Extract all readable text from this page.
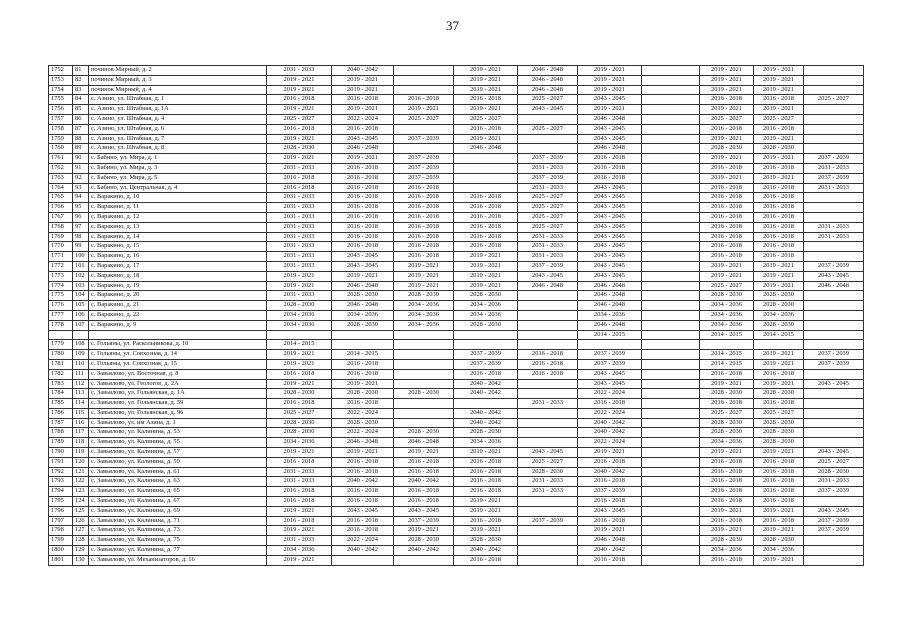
37
1752	81	починок Мирный, д. 2	2031 - 2033	2040 - 2042		2019 - 2021	2046 - 2048	2019 - 2021		2019 - 2021	2019 - 2021	
1753	82	починок Мирный, д. 3	2019 - 2021	2019 - 2021		2019 - 2021	2046 - 2048	2019 - 2021		2019 - 2021	2019 - 2021	
1754	83	починок Мирный, д. 4	2019 - 2021	2019 - 2021		2019 - 2021	2046 - 2048	2019 - 2021		2019 - 2021	2019 - 2021	
1755	84	с. Азино, ул. Штабная, д. 1	2016 - 2018	2016 - 2018	2016 - 2018	2016 - 2018	2025 - 2027	2043 - 2045		2016 - 2018	2016 - 2018	2025 - 2027
1756	85	с. Азино, ул. Штабная, д. 1А	2019 - 2021	2019 - 2021	2019 - 2021	2019 - 2021	2043 - 2045	2019 - 2021		2019 - 2021	2019 - 2021	
1757	86	с. Азино, ул. Штабная, д. 4	2025 - 2027	2022 - 2024	2025 - 2027	2025 - 2027		2046 - 2048		2025 - 2027	2025 - 2027	
1758	87	с. Азино, ул. Штабная, д. 6	2016 - 2018	2016 - 2018		2016 - 2018	2025 - 2027	2043 - 2045		2016 - 2018	2016 - 2018	
1759	88	с. Азино, ул. Штабная, д. 7	2019 - 2021	2043 - 2045	2037 - 2039	2019 - 2021		2043 - 2045		2019 - 2021	2019 - 2021	
1760	89	с. Азино, ул. Штабная, д. 8	2028 - 2030	2046 - 2048		2046 - 2048		2046 - 2048		2028 - 2030	2028 - 2030	
1761	90	с. Бабино, ул. Мира, д. 1	2019 - 2021	2019 - 2021	2037 - 2039		2037 - 2039	2016 - 2018		2019 - 2021	2019 - 2021	2037 - 2039
1762	91	с. Бабино, ул. Мира, д. 3	2031 - 2033	2016 - 2018	2037 - 2039		2031 - 2033	2016 - 2018		2016 - 2018	2016 - 2018	2031 - 2033
1763	92	с. Бабино, ул. Мира, д. 5	2016 - 2018	2016 - 2018	2037 - 2039		2037 - 2039	2016 - 2018		2019 - 2021	2019 - 2021	2037 - 2039
1764	93	с. Бабино, ул. Центральная, д. 4	2016 - 2018	2016 - 2018	2016 - 2018		2031 - 2033	2043 - 2045		2016 - 2018	2016 - 2018	2031 - 2033
1765	94	с. Варакино, д. 10	2031 - 2033	2016 - 2018	2016 - 2018	2016 - 2018	2025 - 2027	2043 - 2045		2016 - 2018	2016 - 2018	
1766	95	с. Варакино, д. 11	2031 - 2033	2016 - 2018	2016 - 2018	2016 - 2018	2025 - 2027	2043 - 2045		2016 - 2018	2016 - 2018	
1767	96	с. Варакино, д. 12	2031 - 2033	2016 - 2018	2016 - 2018	2016 - 2018	2025 - 2027	2043 - 2045		2016 - 2018	2016 - 2018	
1768	97	с. Варакино, д. 13	2031 - 2033	2016 - 2018	2016 - 2018	2016 - 2018	2025 - 2027	2043 - 2045		2016 - 2018	2016 - 2018	2031 - 2033
1769	98	с. Варакино, д. 14	2031 - 2033	2016 - 2018	2016 - 2018	2016 - 2018	2031 - 2033	2043 - 2045		2016 - 2018	2016 - 2018	2031 - 2033
1770	99	с. Варакино, д. 15	2031 - 2033	2016 - 2018	2016 - 2018	2016 - 2018	2031 - 2033	2043 - 2045		2016 - 2018	2016 - 2018	
1771	100	с. Варакино, д. 16	2031 - 2033	2043 - 2045	2016 - 2018	2019 - 2021	2031 - 2033	2043 - 2045		2016 - 2018	2016 - 2018	
1772	101	с. Варакино, д. 17	2031 - 2033	2043 - 2045	2019 - 2021	2019 - 2021	2037 - 2039	2043 - 2045		2019 - 2021	2019 - 2021	2037 - 2039
1773	102	с. Варакино, д. 18	2019 - 2021	2019 - 2021	2019 - 2021	2019 - 2021	2043 - 2045	2043 - 2045		2019 - 2021	2019 - 2021	2043 - 2045
1774	103	с. Варакино, д. 19	2019 - 2021	2046 - 2048	2019 - 2021	2019 - 2021	2046 - 2048	2046 - 2048		2025 - 2027	2019 - 2021	2046 - 2048
1775	104	с. Варакино, д. 20	2031 - 2033	2028 - 2030	2028 - 2030	2028 - 2030		2046 - 2048		2028 - 2030	2028 - 2030	
1776	105	с. Варакино, д. 21	2028 - 2030	2046 - 2048	2034 - 2036	2034 - 2036		2046 - 2048		2034 - 2036	2028 - 2030	
1777	106	с. Варакино, д. 22	2034 - 2036	2034 - 2036	2034 - 2036	2034 - 2036		2034 - 2036		2034 - 2036	2034 - 2036	
1778	107	с. Варакино, д. 9	2034 - 2036	2028 - 2030	2034 - 2036	2028 - 2030		2046 - 2048		2034 - 2036	2028 - 2030	
								2014 - 2015		2014 - 2015	2014 - 2015	
1779	108	с. Гольяны, ул. Раскольникова, д. 10	2014 - 2015									
1780	109	с. Гольяны, ул. Совхозная, д. 14	2019 - 2021	2014 - 2015		2037 - 2039	2016 - 2018	2037 - 2039		2014 - 2015	2019 - 2021	2037 - 2039
1781	110	с. Гольяны, ул. Совхозная, д. 15	2019 - 2021	2016 - 2018		2037 - 2039	2016 - 2018	2037 - 2039		2014 - 2015	2019 - 2021	2037 - 2039
1782	111	с. Завьялово, ул. Восточная, д. 8	2016 - 2018	2016 - 2018		2016 - 2018	2016 - 2018	2043 - 2045		2016 - 2018	2016 - 2018	
1783	112	с. Завьялово, ул. Геологов, д. 2А	2019 - 2021	2019 - 2021		2040 - 2042		2043 - 2045		2019 - 2021	2019 - 2021	2043 - 2045
1784	113	с. Завьялово, ул. Гольянская, д. 1А	2028 - 2030	2028 - 2030	2028 - 2030	2040 - 2042		2022 - 2024		2028 - 2030	2028 - 2030	
1785	114	с. Завьялово, ул. Гольянская, д. 59	2016 - 2018	2016 - 2018			2031 - 2033	2016 - 2018		2016 - 2018	2016 - 2018	
1786	115	с. Завьялово, ул. Гольянская, д. 96	2025 - 2027	2022 - 2024		2040 - 2042		2022 - 2024		2025 - 2027	2025 - 2027	
1787	116	с. Завьялово, ул. им Азина, д. 1	2028 - 2030	2028 - 2030		2040 - 2042		2040 - 2042		2028 - 2030	2028 - 2030	
1788	117	с. Завьялово, ул. Калинина, д. 53	2028 - 2030	2022 - 2024	2028 - 2030	2028 - 2030		2040 - 2042		2028 - 2030	2028 - 2030	
1789	118	с. Завьялово, ул. Калинина, д. 55	2034 - 2036	2046 - 2048	2046 - 2048	2034 - 2036		2022 - 2024		2034 - 2036	2028 - 2030	
1790	119	с. Завьялово, ул. Калинина, д. 57	2019 - 2021	2019 - 2021	2019 - 2021	2019 - 2021	2043 - 2045	2019 - 2021		2019 - 2021	2019 - 2021	2043 - 2045
1791	120	с. Завьялово, ул. Калинина, д. 59	2016 - 2018	2016 - 2018	2016 - 2018	2016 - 2018	2025 - 2027	2016 - 2018		2016 - 2018	2016 - 2018	2025 - 2027
1792	121	с. Завьялово, ул. Калинина, д. 61	2031 - 2033	2016 - 2018	2016 - 2018	2016 - 2018	2028 - 2030	2040 - 2042		2016 - 2018	2016 - 2018	2028 - 2030
1793	122	с. Завьялово, ул. Калинина, д. 63	2031 - 2033	2040 - 2042	2040 - 2042	2016 - 2018	2031 - 2033	2016 - 2018		2016 - 2018	2016 - 2018	2031 - 2033
1794	123	с. Завьялово, ул. Калинина, д. 65	2016 - 2018	2016 - 2018	2016 - 2018	2016 - 2018	2031 - 2033	2037 - 2039		2016 - 2018	2016 - 2018	2037 - 2039
1795	124	с. Завьялово, ул. Калинина, д. 67	2016 - 2018	2016 - 2018	2016 - 2018	2019 - 2021		2016 - 2018		2016 - 2018	2016 - 2018	
1796	125	с. Завьялово, ул. Калинина, д. 69	2019 - 2021	2043 - 2045	2043 - 2045	2019 - 2021		2043 - 2045		2019 - 2021	2019 - 2021	2043 - 2045
1797	126	с. Завьялово, ул. Калинина, д. 71	2016 - 2018	2016 - 2018	2037 - 2039	2016 - 2018	2037 - 2039	2016 - 2018		2016 - 2018	2016 - 2018	2037 - 2039
1798	127	с. Завьялово, ул. Калинина, д. 73	2019 - 2021	2016 - 2018	2019 - 2021	2019 - 2021		2019 - 2021		2019 - 2021	2019 - 2021	2037 - 2039
1799	128	с. Завьялово, ул. Калинина, д. 75	2031 - 2033	2022 - 2024	2028 - 2030	2028 - 2030		2046 - 2048		2028 - 2030	2028 - 2030	
1800	129	с. Завьялово, ул. Калинина, д. 77	2034 - 2036	2040 - 2042	2040 - 2042	2040 - 2042		2040 - 2042		2034 - 2036	2034 - 2036	
1801	130	с. Завьялово, ул. Механизаторов, д. 16	2019 - 2021			2016 - 2018		2016 - 2018		2016 - 2018	2019 - 2021	
